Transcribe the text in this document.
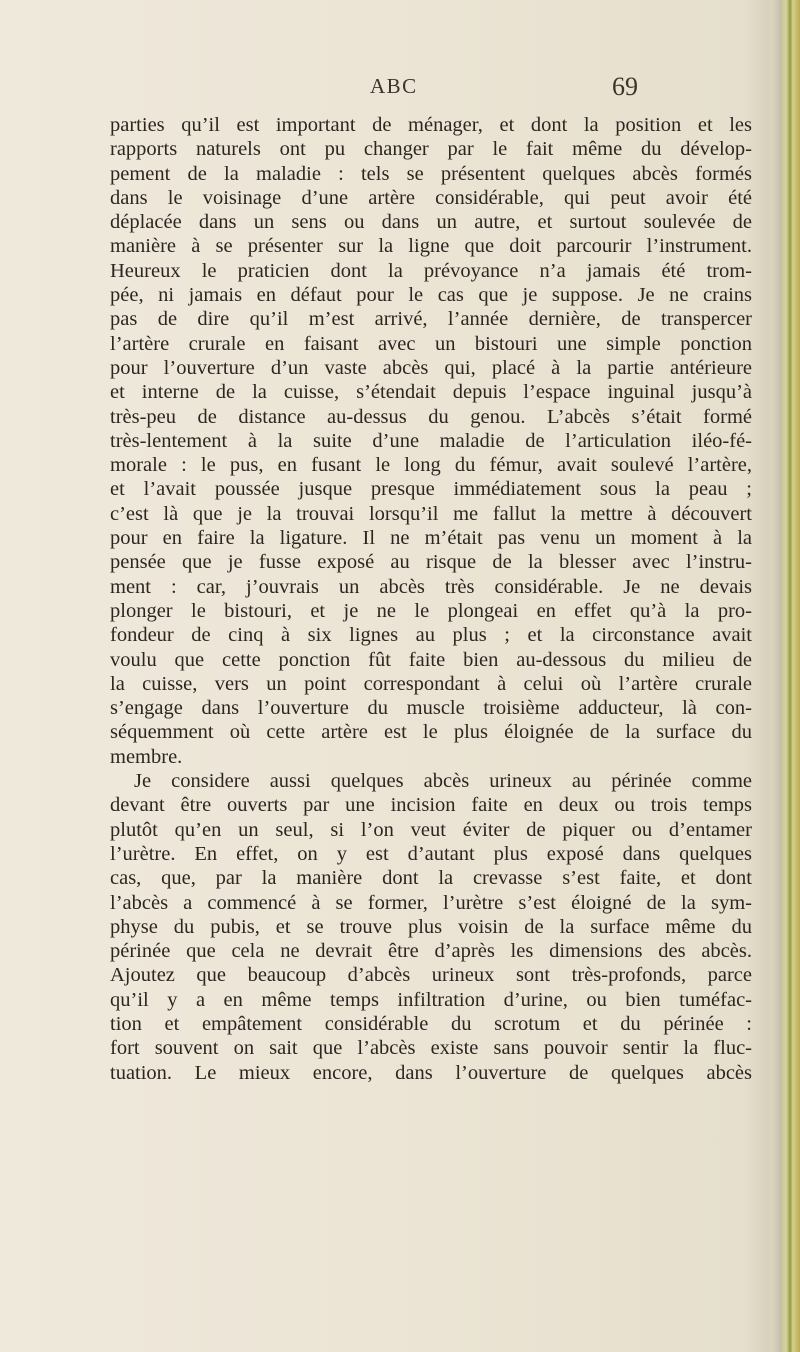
ABC	69
parties qu’il est important de ménager, et dont la position et les
rapports naturels ont pu changer par le fait même du dévelop-
pement de la maladie : tels se présentent quelques abcès formés
dans le voisinage d’une artère considérable, qui peut avoir été
déplacée dans un sens ou dans un autre, et surtout soulevée de
manière à se présenter sur la ligne que doit parcourir l’instrument.
Heureux le praticien dont la prévoyance n’a jamais été trom-
pée, ni jamais en défaut pour le cas que je suppose. Je ne crains
pas de dire qu’il m’est arrivé, l’année dernière, de transpercer
l’artère crurale en faisant avec un bistouri une simple ponction
pour l’ouverture d’un vaste abcès qui, placé à la partie antérieure
et interne de la cuisse, s’étendait depuis l’espace inguinal jusqu’à
très-peu de distance au-dessus du genou. L’abcès s’était formé
très-lentement à la suite d’une maladie de l’articulation iléo-fé-
morale : le pus, en fusant le long du fémur, avait soulevé l’artère,
et l’avait poussée jusque presque immédiatement sous la peau ;
c’est là que je la trouvai lorsqu’il me fallut la mettre à découvert
pour en faire la ligature. Il ne m’était pas venu un moment à la
pensée que je fusse exposé au risque de la blesser avec l’instru-
ment : car, j’ouvrais un abcès très considérable. Je ne devais
plonger le bistouri, et je ne le plongeai en effet qu’à la pro-
fondeur de cinq à six lignes au plus ; et la circonstance avait
voulu que cette ponction fût faite bien au-dessous du milieu de
la cuisse, vers un point correspondant à celui où l’artère crurale
s’engage dans l’ouverture du muscle troisième adducteur, là con-
séquemment où cette artère est le plus éloignée de la surface du
membre.
Je considere aussi quelques abcès urineux au périnée comme
devant être ouverts par une incision faite en deux ou trois temps
plutôt qu’en un seul, si l’on veut éviter de piquer ou d’entamer
l’urètre. En effet, on y est d’autant plus exposé dans quelques
cas, que, par la manière dont la crevasse s’est faite, et dont
l’abcès a commencé à se former, l’urètre s’est éloigné de la sym-
physe du pubis, et se trouve plus voisin de la surface même du
périnée que cela ne devrait être d’après les dimensions des abcès.
Ajoutez que beaucoup d’abcès urineux sont très-profonds, parce
qu’il y a en même temps infiltration d’urine, ou bien tuméfac-
tion et empâtement considérable du scrotum et du périnée :
fort souvent on sait que l’abcès existe sans pouvoir sentir la fluc-
tuation. Le mieux encore, dans l’ouverture de quelques abcès
